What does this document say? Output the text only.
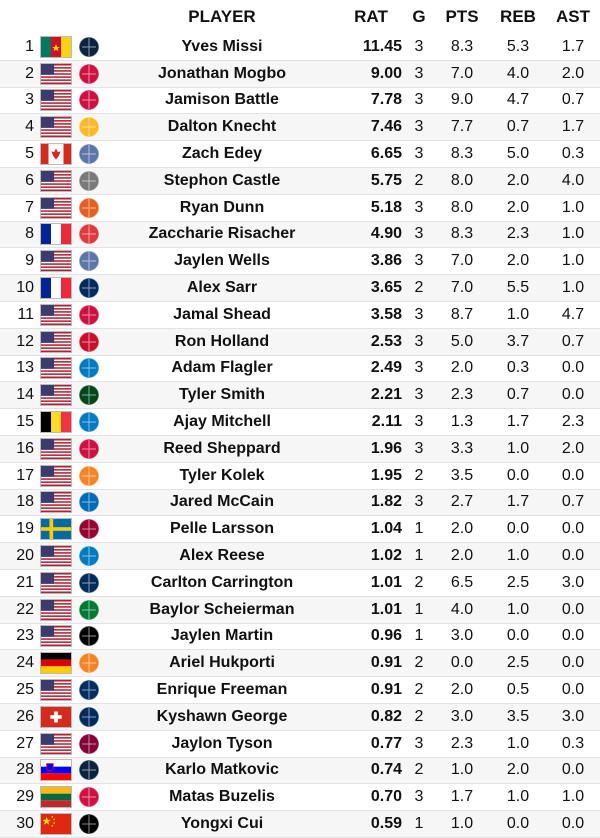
PLAYER	RAT	G	PTS	REB	AST
1	Yves Missi	11.45 3	8.3	5.3	1.7
2	Jonathan Mogbo	9.00 3	7.0	4.0	2.0
3	Jamison Battle	7.78 3	9.0	4.7	0.7
4	Dalton Knecht	7.46 3	7.7	0.7	1.7
5	Zach Edey	6.65 3	8.3	5.0	0.3
6	Stephon Castle	5.75 2	8.0	2.0	4.0
7	Ryan Dunn	5.18 3	8.0	2.0	1.0
8	Zaccharie Risacher	4.90 3	8.3	2.3	1.0
9	Jaylen Wells	3.86 3	7.0	2.0	1.0
10	Alex Sarr	3.65 2	7.0	5.5	1.0
11	Jamal Shead	3.58 3	8.7	1.0	4.7
12	Ron Holland	2.53 3	5.0	3.7	0.7
13	Adam Flagler	2.49 3	2.0	0.3	0.0
14	Tyler Smith	2.21 3	2.3	0.7	0.0
15	Ajay Mitchell	2.11 3	1.3	1.7	2.3
16	Reed Sheppard	1.96 3	3.3	1.0	2.0
17	Tyler Kolek	1.95 2	3.5	0.0	0.0
18	Jared McCain	1.82 3	2.7	1.7	0.7
19	Pelle Larsson	1.04 1	2.0	0.0	0.0
20	Alex Reese	1.02 1	2.0	1.0	0.0
21	Carlton Carrington	1.01 2	6.5	2.5	3.0
22	Baylor Scheierman	1.01 1	4.0	1.0	0.0
23	Jaylen Martin	0.96 1	3.0	0.0	0.0
24	Ariel Hukporti	0.91 2	0.0	2.5	0.0
25	Enrique Freeman	0.91 2	2.0	0.5	0.0
26	Kyshawn George	0.82 2	3.0	3.5	3.0
27	Jaylon Tyson	0.77 3	2.3	1.0	0.3
28	Karlo Matkovic	0.74 2	1.0	2.0	0.0
29	Matas Buzelis	0.70 3	1.7	1.0	1.0
30	Yongxi Cui	0.59 1	1.0	0.0	0.0
